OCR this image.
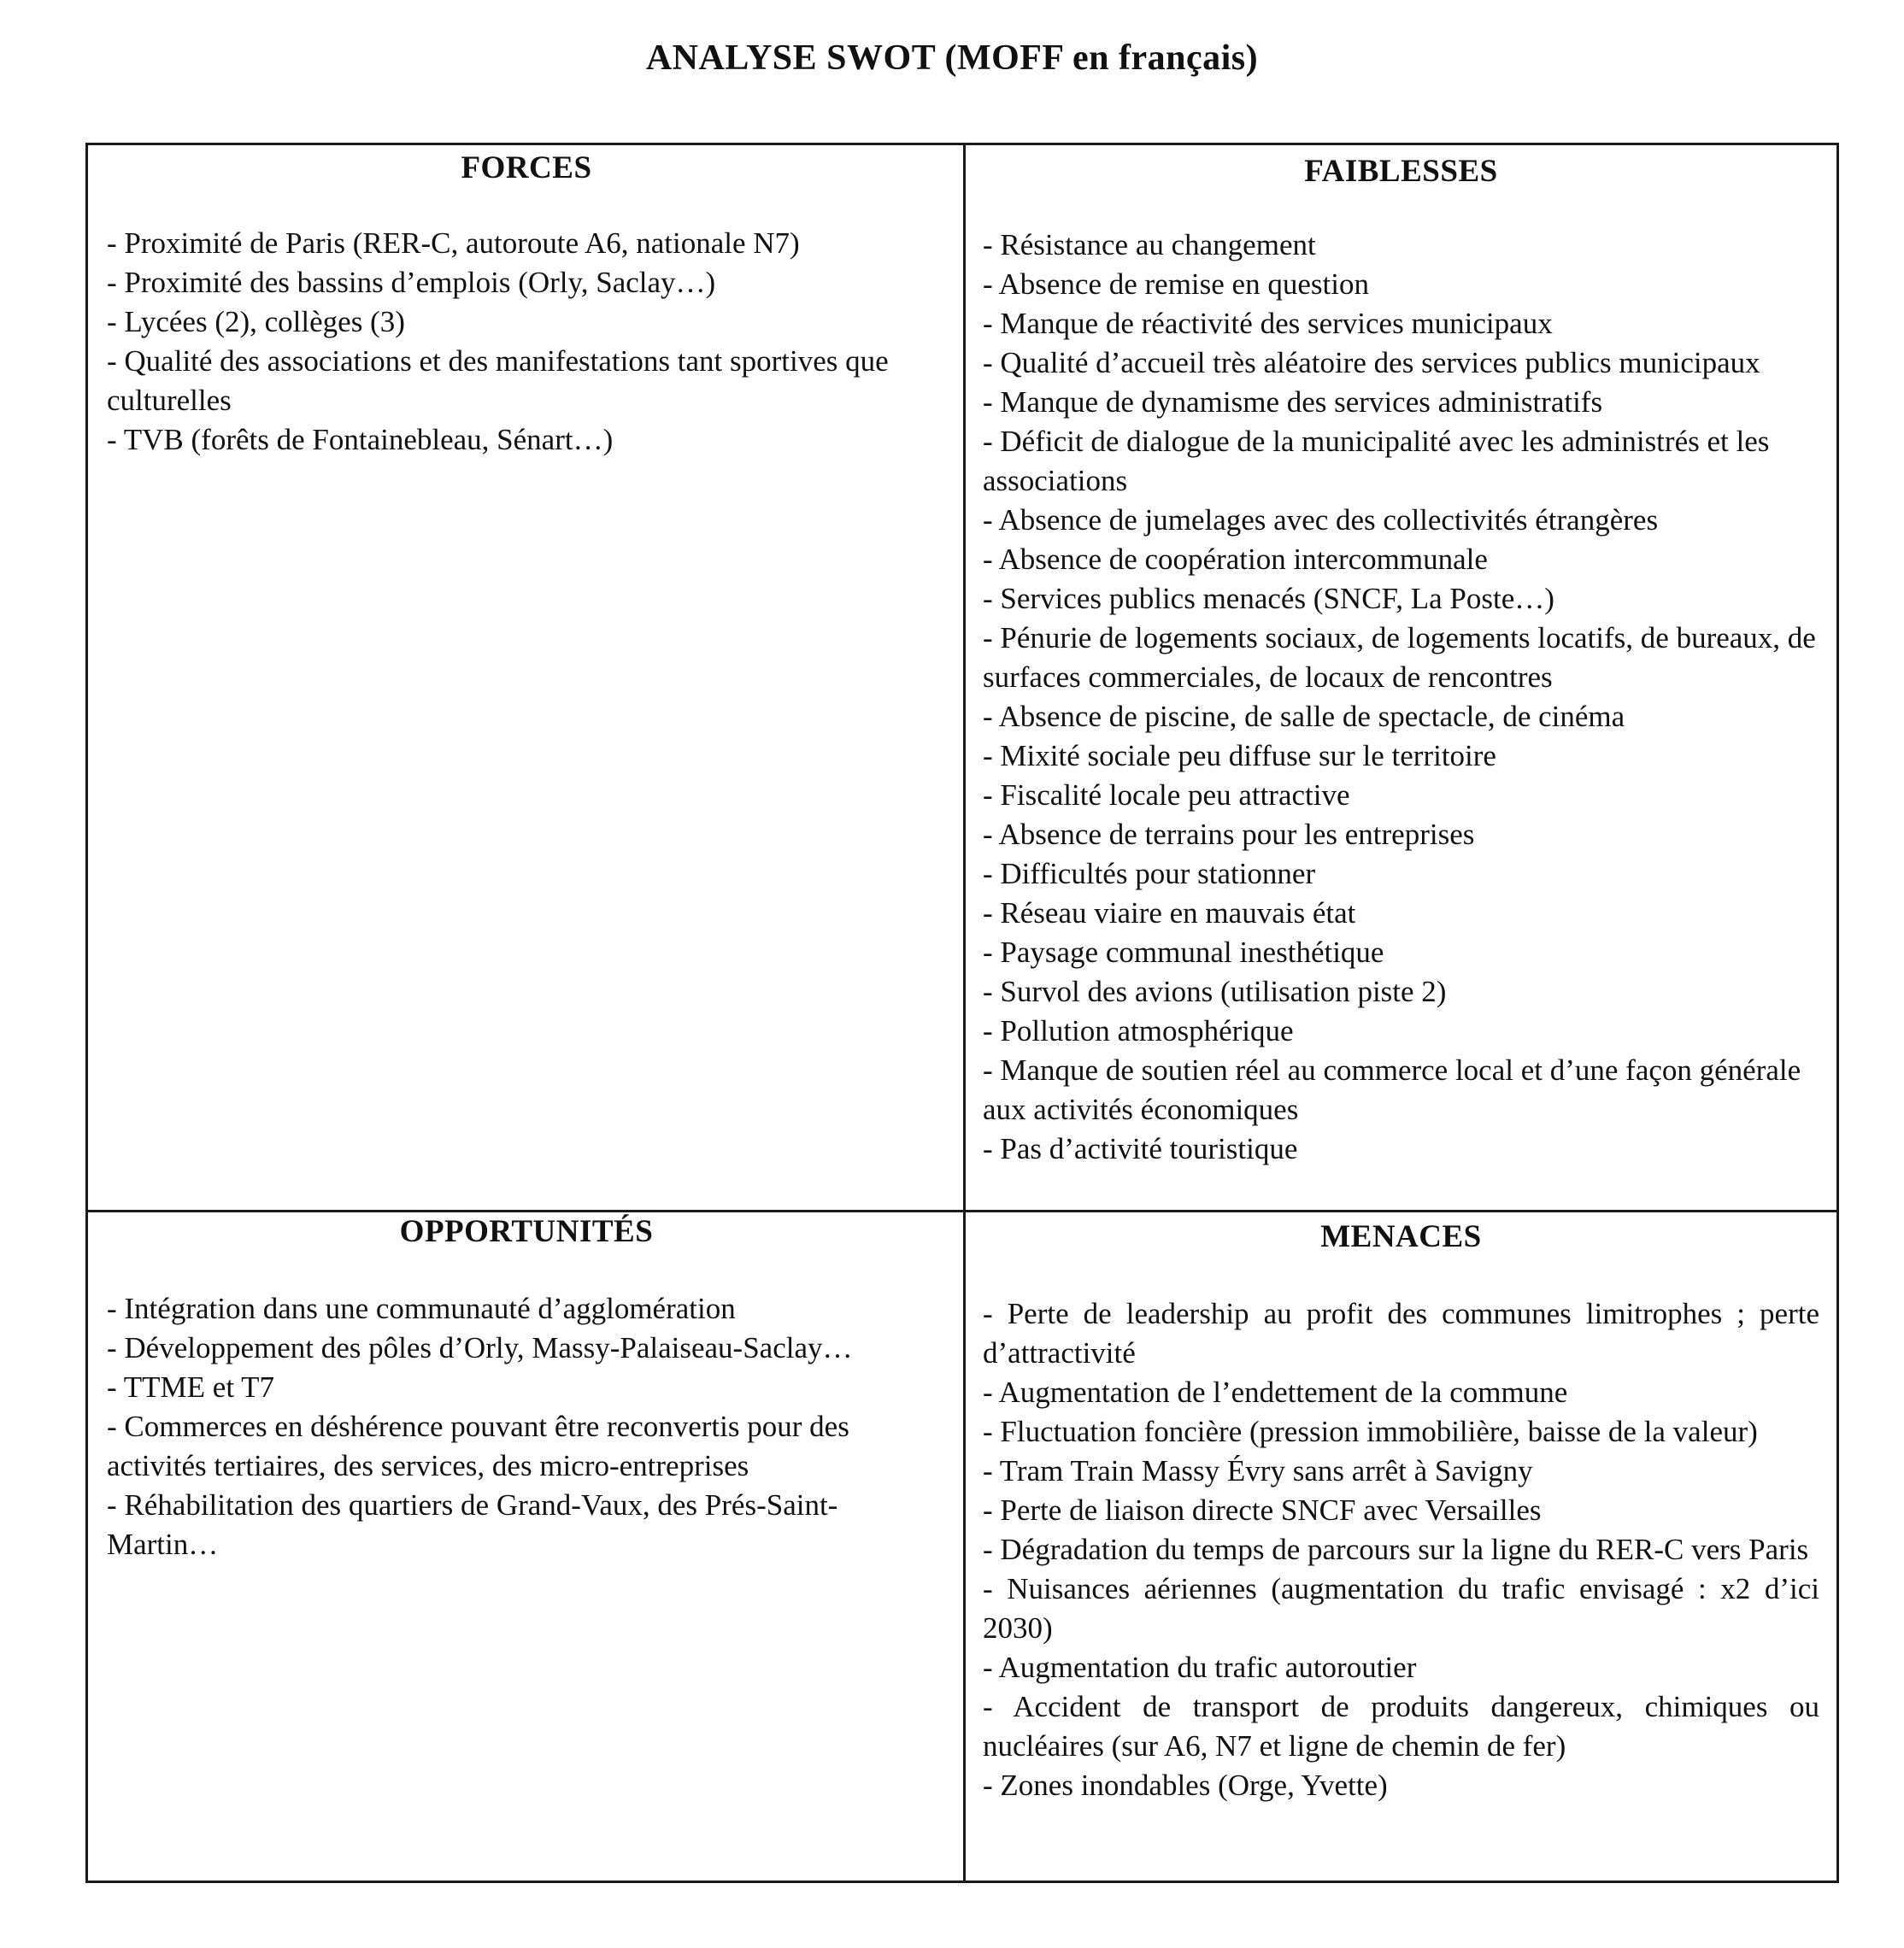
ANALYSE SWOT (MOFF en français)
FORCES
- Proximité de Paris (RER-C, autoroute A6, nationale N7)
- Proximité des bassins d’emplois (Orly, Saclay…)
- Lycées (2), collèges (3)
- Qualité des associations et des manifestations tant sportives que culturelles
- TVB (forêts de Fontainebleau, Sénart…)
FAIBLESSES
- Résistance au changement
- Absence de remise en question
- Manque de réactivité des services municipaux
- Qualité d’accueil très aléatoire des services publics municipaux
- Manque de dynamisme des services administratifs
- Déficit de dialogue de la municipalité avec les administrés et les associations
- Absence de jumelages avec des collectivités étrangères
- Absence de coopération intercommunale
- Services publics menacés (SNCF, La Poste…)
- Pénurie de logements sociaux, de logements locatifs, de bureaux, de surfaces commerciales, de locaux de rencontres
- Absence de piscine, de salle de spectacle, de cinéma
- Mixité sociale peu diffuse sur le territoire
- Fiscalité locale peu attractive
- Absence de terrains pour les entreprises
- Difficultés pour stationner
- Réseau viaire en mauvais état
- Paysage communal inesthétique
- Survol des avions (utilisation piste 2)
- Pollution atmosphérique
- Manque de soutien réel au commerce local et d’une façon générale aux activités économiques
- Pas d’activité touristique
OPPORTUNITÉS
- Intégration dans une communauté d’agglomération
- Développement des pôles d’Orly, Massy-Palaiseau-Saclay…
- TTME et T7
- Commerces en déshérence pouvant être reconvertis pour des activités tertiaires, des services, des micro-entreprises
- Réhabilitation des quartiers de Grand-Vaux, des Prés-Saint-Martin…
MENACES
- Perte de leadership au profit des communes limitrophes ; perte d’attractivité
- Augmentation de l’endettement de la commune
- Fluctuation foncière (pression immobilière, baisse de la valeur)
- Tram Train Massy Évry sans arrêt à Savigny
- Perte de liaison directe SNCF avec Versailles
- Dégradation du temps de parcours sur la ligne du RER-C vers Paris
- Nuisances aériennes (augmentation du trafic envisagé : x2 d’ici 2030)
- Augmentation du trafic autoroutier
- Accident de transport de produits dangereux, chimiques ou nucléaires (sur A6, N7 et ligne de chemin de fer)
- Zones inondables (Orge, Yvette)
